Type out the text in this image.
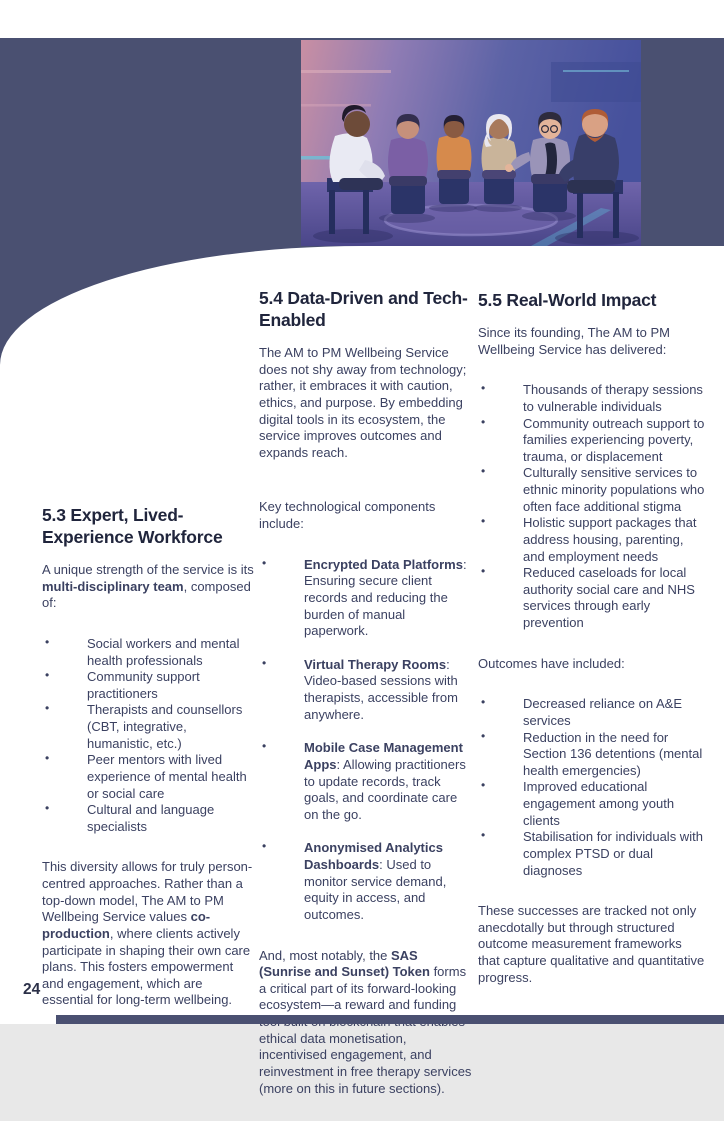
5.3 Expert, Lived-
Experience Workforce

A unique strength of the service is its multi-disciplinary team, composed of:

•	Social workers and mental health professionals
•	Community support practitioners
•	Therapists and counsellors (CBT, integrative, humanistic, etc.)
•	Peer mentors with lived experience of mental health or social care
•	Cultural and language specialists

This diversity allows for truly person-centred approaches. Rather than a top-down model, The AM to PM Wellbeing Service values co-production, where clients actively participate in shaping their own care plans. This fosters empowerment and engagement, which are essential for long-term wellbeing.

5.4 Data-Driven and Tech-
Enabled

The AM to PM Wellbeing Service does not shy away from technology; rather, it embraces it with caution, ethics, and purpose. By embedding digital tools in its ecosystem, the service improves outcomes and expands reach.

Key technological components include:

•	Encrypted Data Platforms: Ensuring secure client records and reducing the burden of manual paperwork.
•	Virtual Therapy Rooms: Video-based sessions with therapists, accessible from anywhere.
•	Mobile Case Management Apps: Allowing practitioners to update records, track goals, and coordinate care on the go.
•	Anonymised Analytics Dashboards: Used to monitor service demand, equity in access, and outcomes.

And, most notably, the SAS (Sunrise and Sunset) Token forms a critical part of its forward-looking ecosystem—a reward and funding ethical data monetisation, incentivised engagement, and reinvestment in free therapy services (more on this in future sections).

5.5 Real-World Impact

Since its founding, The AM to PM Wellbeing Service has delivered:

•	Thousands of therapy sessions to vulnerable individuals
•	Community outreach support to families experiencing poverty, trauma, or displacement
•	Culturally sensitive services to ethnic minority populations who often face additional stigma
•	Holistic support packages that address housing, parenting, and employment needs
•	Reduced caseloads for local authority social care and NHS services through early prevention

Outcomes have included:

•	Decreased reliance on A&E services
•	Reduction in the need for Section 136 detentions (mental health emergencies)
•	Improved educational engagement among youth clients
•	Stabilisation for individuals with complex PTSD or dual diagnoses

These successes are tracked not only anecdotally but through structured outcome measurement frameworks that capture qualitative and quantitative progress.

24
